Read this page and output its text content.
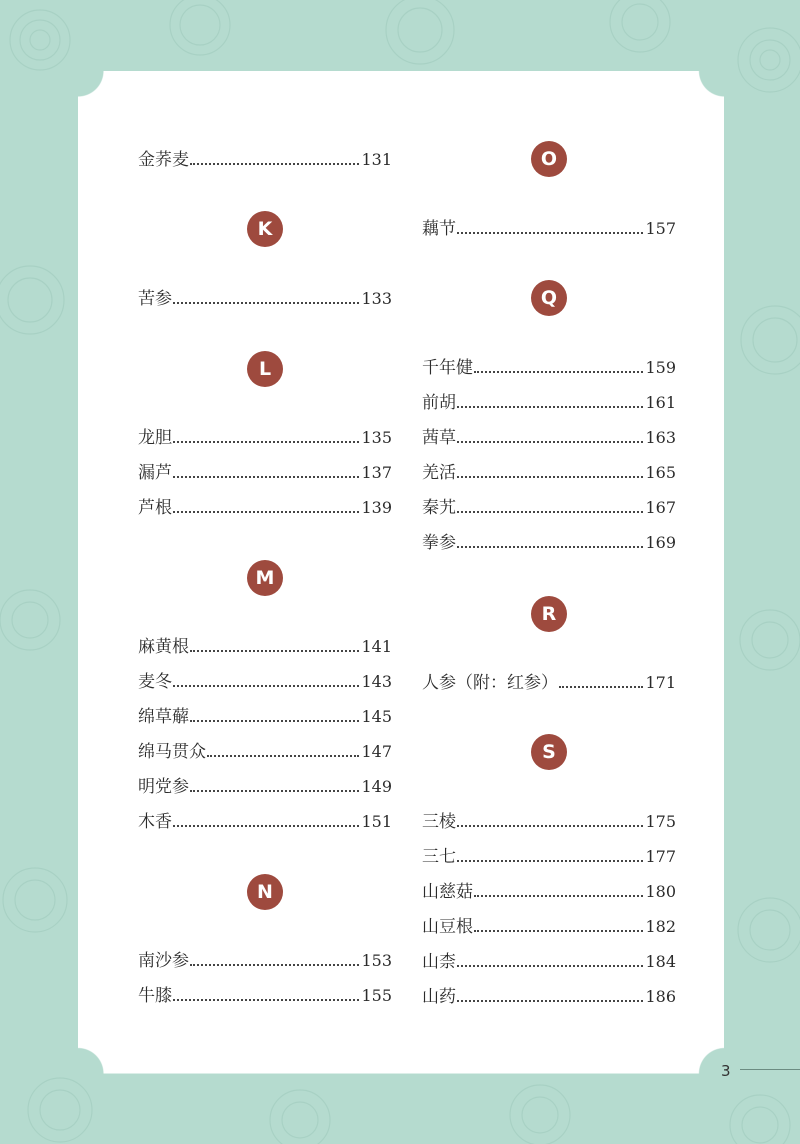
金荞麦	131
苦参	133
龙胆	135
漏芦	137
芦根	139
麻黄根	141
麦冬	143
绵草薢	145
绵马贯众	147
明党参	149
木香	151
南沙参	153
牛膝	155
K
L
M
N
藕节	157
千年健	159
前胡	161
茜草	163
羌活	165
秦艽	167
拳参	169
人参（附：红参）	171
三棱	175
三七	177
山慈菇	180
山豆根	182
山柰	184
山药	186
O
Q
R
S
3
